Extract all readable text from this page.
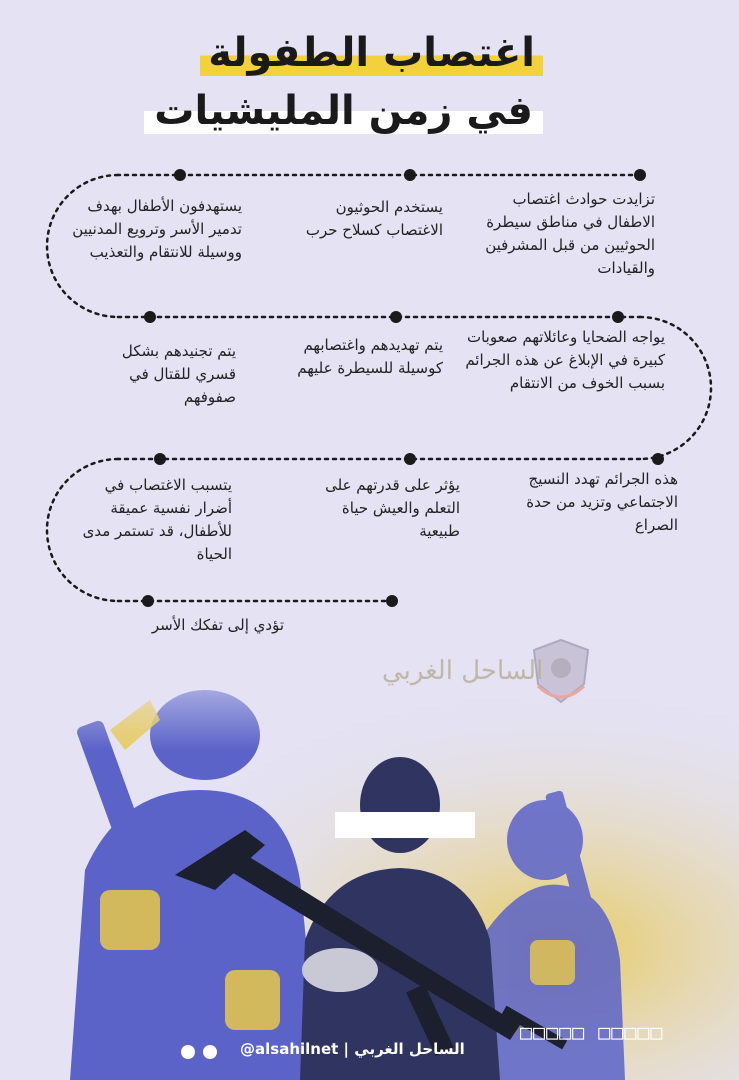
اغتصاب الطفولة
في زمن المليشيات
تزايدت حوادث اغتصاب الاطفال في مناطق سيطرة الحوثيين من قبل المشرفين والقيادات
يستخدم الحوثيون الاغتصاب كسلاح حرب
يستهدفون الأطفال بهدف تدمير الأسر وترويع المدنيين ووسيلة للانتقام والتعذيب
يواجه الضحايا وعائلاتهم صعوبات كبيرة في الإبلاغ عن هذه الجرائم بسبب الخوف من الانتقام
يتم تهديدهم واغتصابهم كوسيلة للسيطرة عليهم
يتم تجنيدهم بشكل قسري للقتال في صفوفهم
هذه الجرائم تهدد النسيج الاجتماعي وتزيد من حدة الصراع
يؤثر على قدرتهم على التعلم والعيش حياة طبيعية
يتسبب الاغتصاب في أضرار نفسية عميقة للأطفال، قد تستمر مدى الحياة
تؤدي إلى تفكك الأسر
الساحل الغربي
□□□□□ □□□□□
@alsahilnet | الساحل الغربي
